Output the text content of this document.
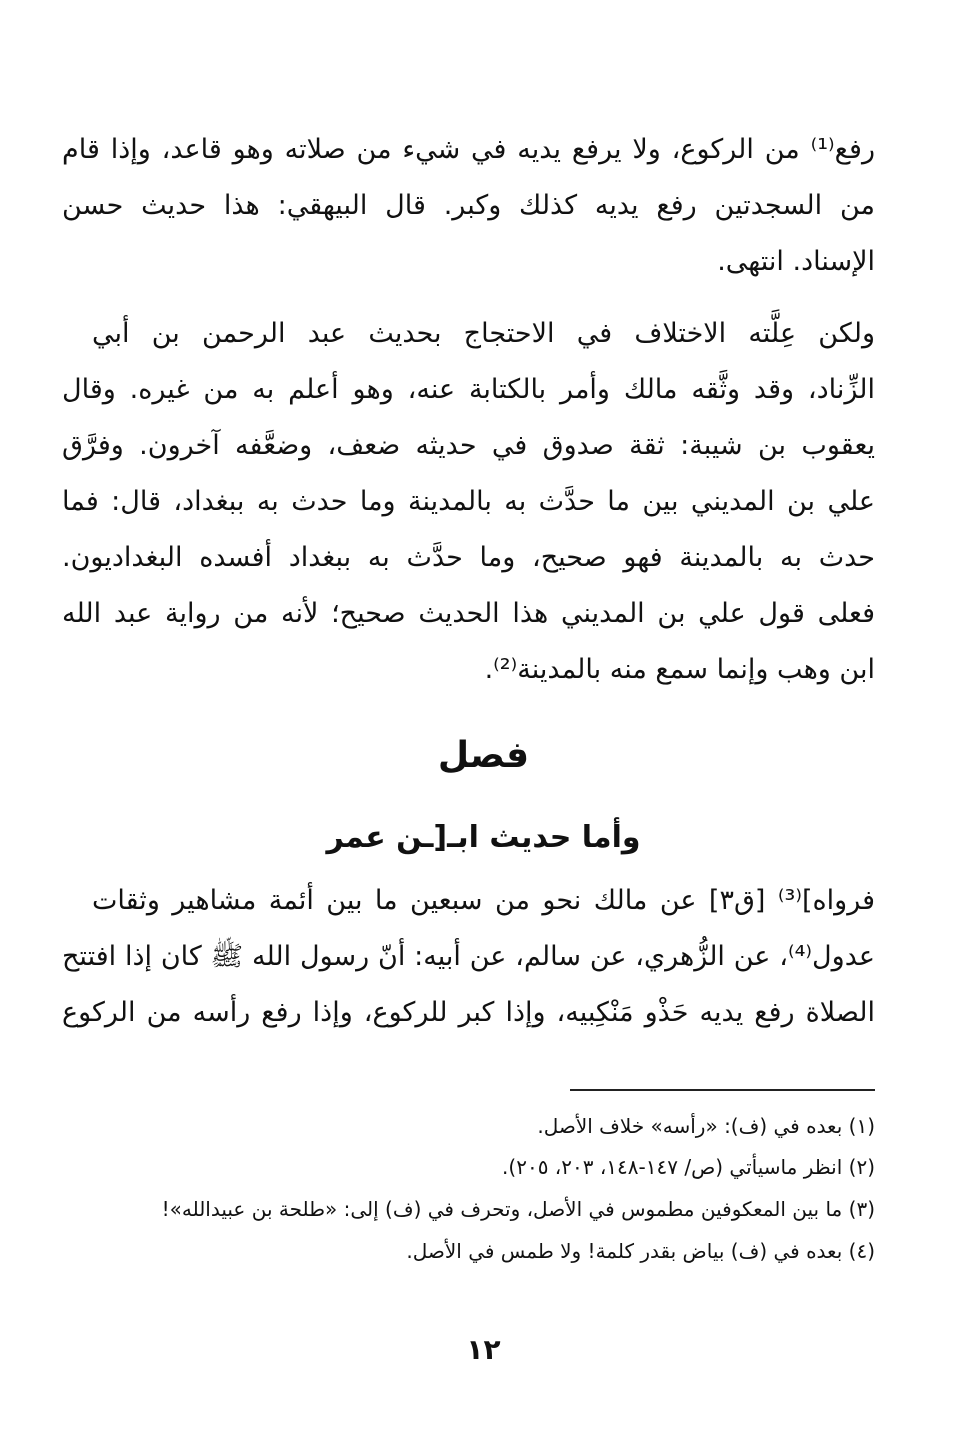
رفع⁽¹⁾ من الركوع، ولا يرفع يديه في شيء من صلاته وهو قاعد، وإذا قام
من السجدتين رفع يديه كذلك وكبر. قال البيهقي: هذا حديث حسن
الإسناد. انتهى.
ولكن عِلَّته الاختلاف في الاحتجاج بحديث عبد الرحمن بن أبي
الزِّناد، وقد وثَّقه مالك وأمر بالكتابة عنه، وهو أعلم به من غيره. وقال
يعقوب بن شيبة: ثقة صدوق في حديثه ضعف، وضعَّفه آخرون. وفرَّق
علي بن المديني بين ما حدَّث به بالمدينة وما حدث به ببغداد، قال: فما
حدث به بالمدينة فهو صحيح، وما حدَّث به ببغداد أفسده البغداديون.
فعلى قول علي بن المديني هذا الحديث صحيح؛ لأنه من رواية عبد الله
ابن وهب وإنما سمع منه بالمدينة⁽²⁾.
فصل
وأما حديث ابـ[ـن عمر
فرواه]⁽³⁾ [ق٣] عن مالك نحو من سبعين ما بين أئمة مشاهير وثقات
عدول⁽⁴⁾، عن الزُّهري، عن سالم، عن أبيه: أنّ رسول الله ﷺ كان إذا افتتح
الصلاة رفع يديه حَذْو مَنْكِبيه، وإذا كبر للركوع، وإذا رفع رأسه من الركوع
(١) بعده في (ف): «رأسه» خلاف الأصل.
(٢) انظر ماسيأتي (ص/ ١٤٧-١٤٨، ٢٠٣، ٢٠٥).
(٣) ما بين المعكوفين مطموس في الأصل، وتحرف في (ف) إلى: «طلحة بن عبيدالله»!
(٤) بعده في (ف) بياض بقدر كلمة! ولا طمس في الأصل.
١٢
